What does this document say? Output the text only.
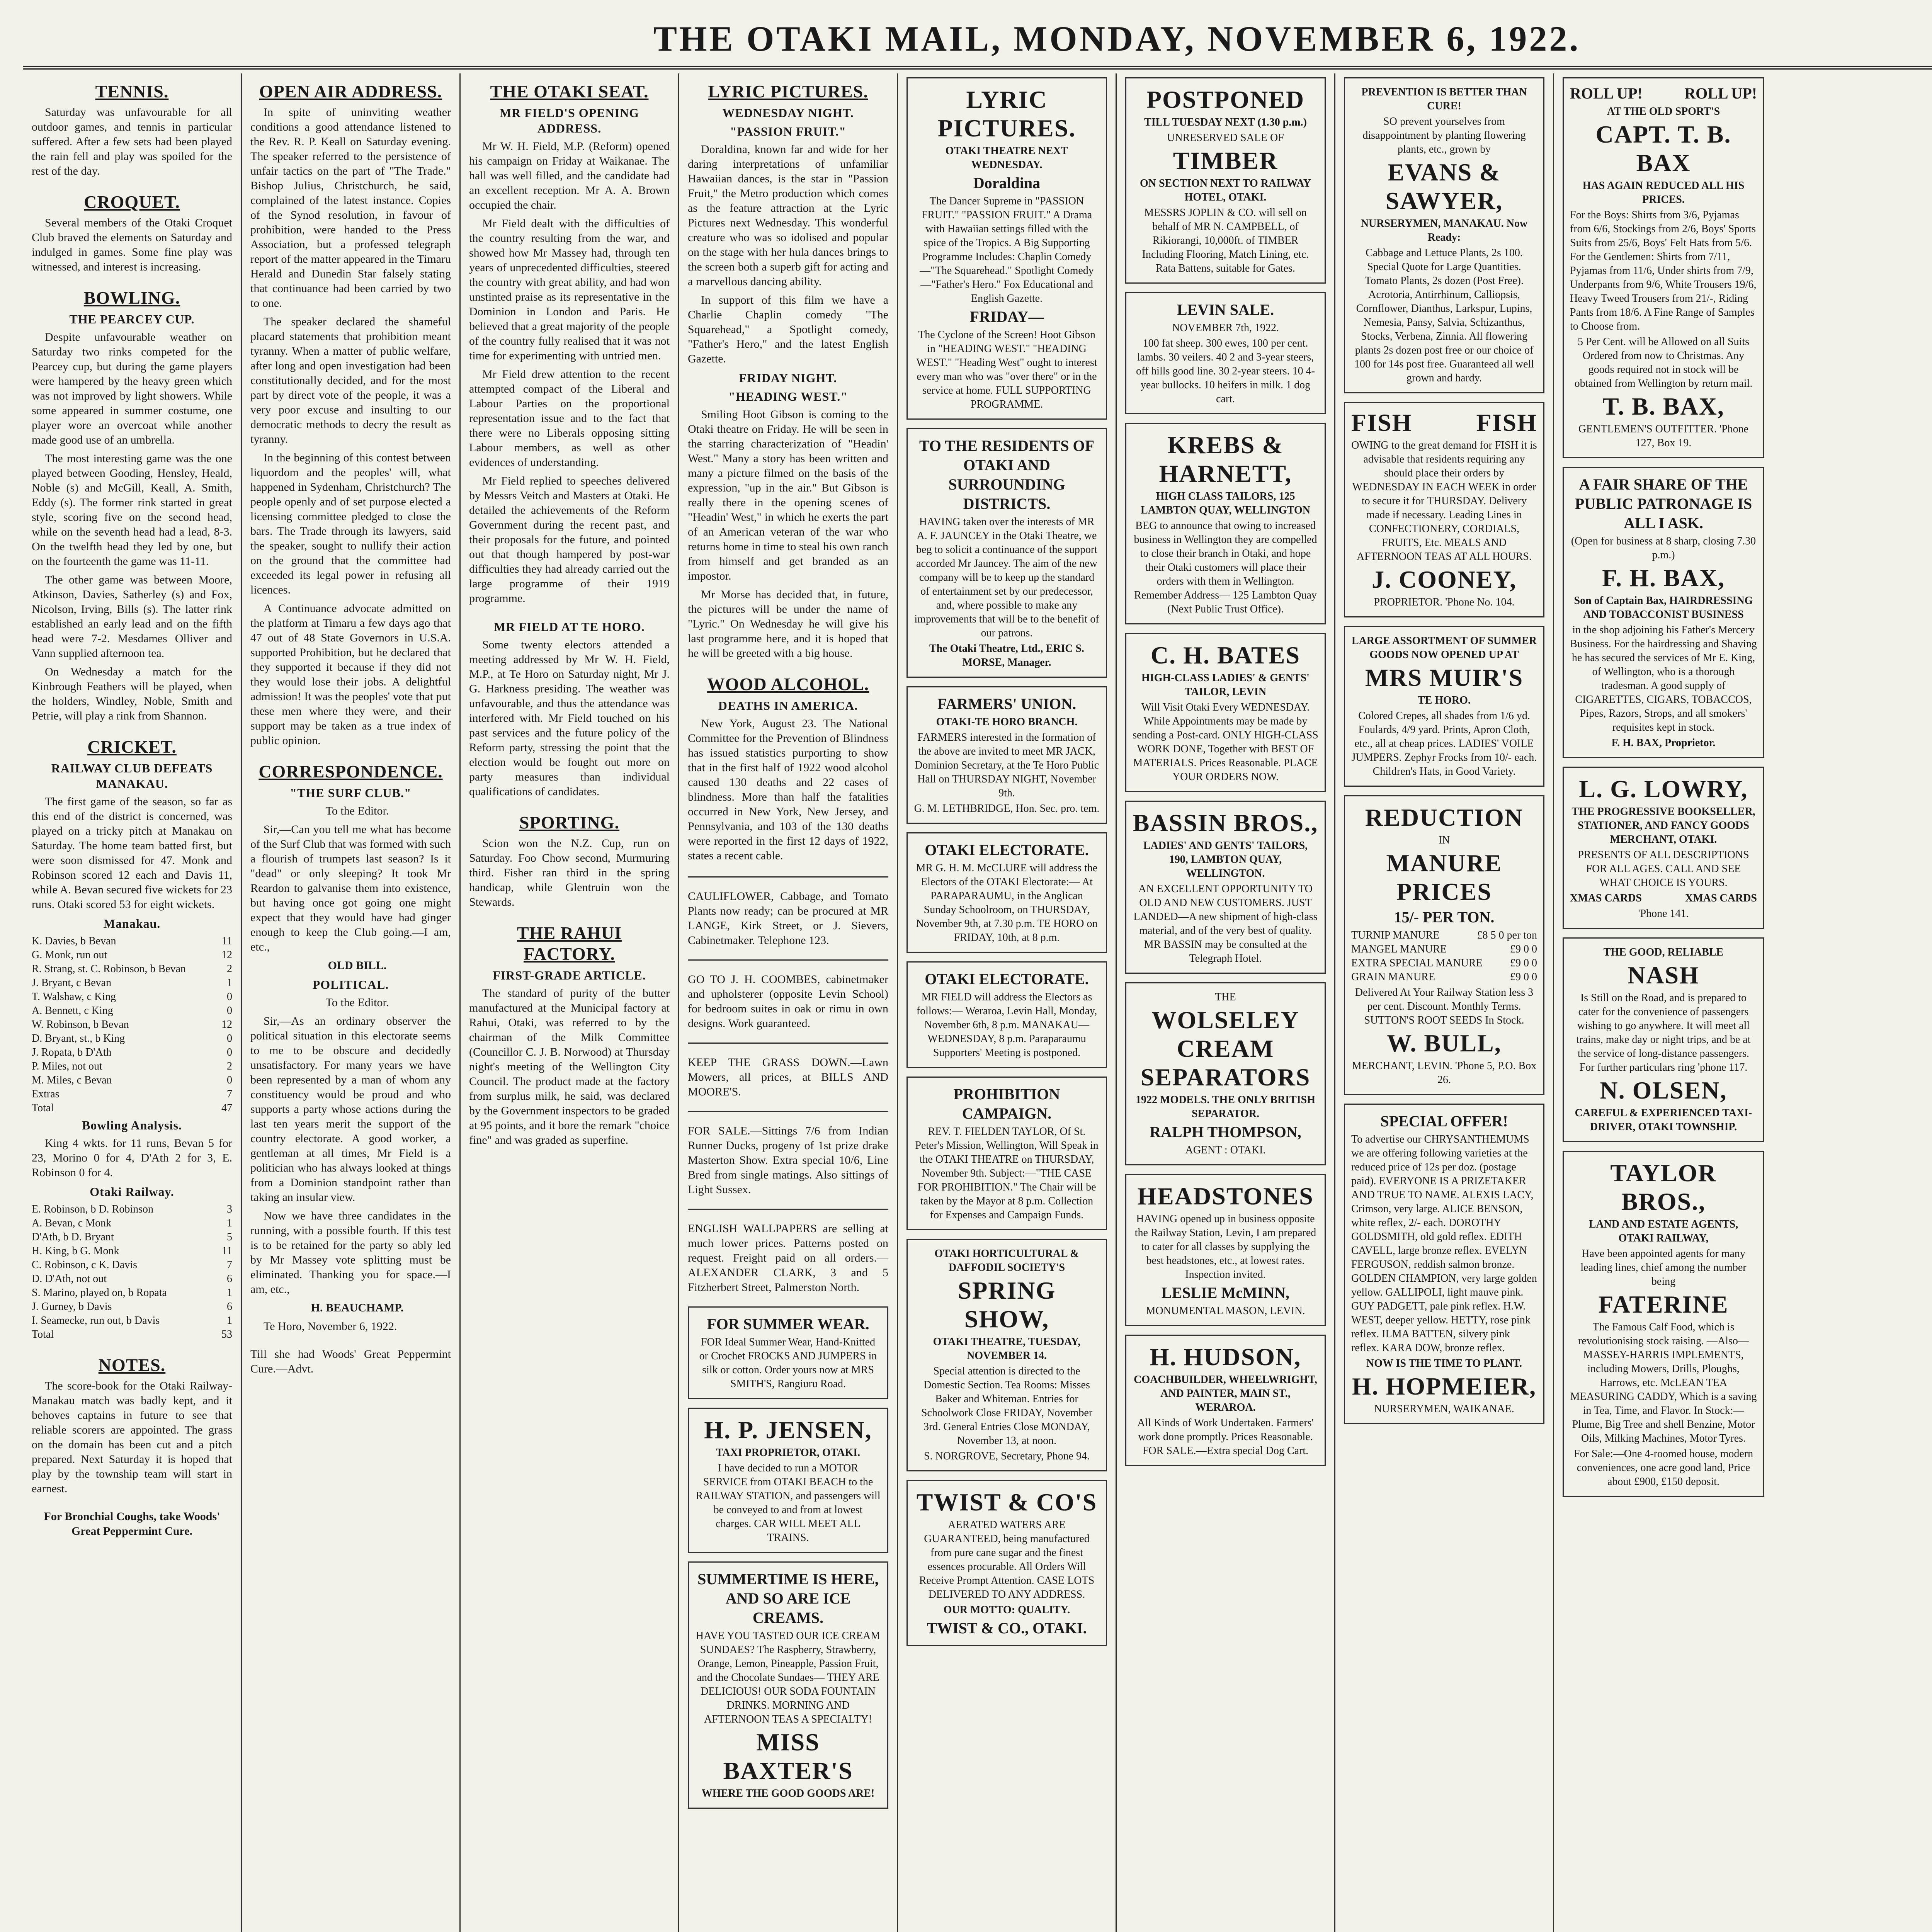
THE OTAKI MAIL, MONDAY, NOVEMBER 6, 1922.
TENNIS.

Saturday was unfavourable for all outdoor games, and tennis in particular suffered. After a few sets had been played the rain fell and play was spoiled for the rest of the day.

CROQUET.

Several members of the Otaki Croquet Club braved the elements on Saturday and indulged in games. Some fine play was witnessed, and interest is increasing.

BOWLING.
THE PEARCEY CUP.

Despite unfavourable weather on Saturday two rinks competed for the Pearcey cup, but during the game players were hampered by the heavy green which was not improved by light showers. While some appeared in summer costume, one player wore an overcoat while another made good use of an umbrella.

The most interesting game was the one played between Gooding, Hensley, Heald, Noble (s) and McGill, Keall, A. Smith, Eddy (s). The former rink started in great style, scoring five on the second head, while on the seventh head had a lead, 8-3. On the twelfth head they led by one, but on the fourteenth the game was 11-11.

The other game was between Moore, Atkinson, Davies, Satherley (s) and Fox, Nicolson, Irving, Bills (s). The latter rink established an early lead and on the fifth head were 7-2. Mesdames Olliver and Vann supplied afternoon tea.

On Wednesday a match for the Kinbrough Feathers will be played, when the holders, Windley, Noble, Smith and Petrie, will play a rink from Shannon.

CRICKET.
RAILWAY CLUB DEFEATS MANAKAU.

The first game of the season, so far as this end of the district is concerned, was played on a tricky pitch at Manakau on Saturday. The home team batted first, but were soon dismissed for 47. Monk and Robinson scored 12 each and Davis 11, while A. Bevan secured five wickets for 23 runs. Otaki scored 53 for eight wickets.

Manakau.
K. Davies, b Bevan	11
G. Monk, run out	12
R. Strang, st. C. Robinson, b Bevan	2
J. Bryant, c Bevan	1
T. Walshaw, c King	0
A. Bennett, c King	0
W. Robinson, b Bevan	12
D. Bryant, st., b King	0
J. Ropata, b D'Ath	0
P. Miles, not out	2
M. Miles, c Bevan	0
Extras	7
Total	47
Bowling Analysis.

King 4 wkts. for 11 runs, Bevan 5 for 23, Morino 0 for 4, D'Ath 2 for 3, E. Robinson 0 for 4.

Otaki Railway.
E. Robinson, b D. Robinson	3
A. Bevan, c Monk	1
D'Ath, b D. Bryant	5
H. King, b G. Monk	11
C. Robinson, c K. Davis	7
D. D'Ath, not out	6
S. Marino, played on, b Ropata	1
J. Gurney, b Davis	6
I. Seamecke, run out, b Davis	1
Total	53
NOTES.

The score-book for the Otaki Railway-Manakau match was badly kept, and it behoves captains in future to see that reliable scorers are appointed. The grass on the domain has been cut and a pitch prepared. Next Saturday it is hoped that play by the township team will start in earnest.

For Bronchial Coughs, take Woods' Great Peppermint Cure.

OPEN AIR ADDRESS.

In spite of uninviting weather conditions a good attendance listened to the Rev. R. P. Keall on Saturday evening. The speaker referred to the persistence of unfair tactics on the part of "The Trade." Bishop Julius, Christchurch, he said, complained of the latest instance. Copies of the Synod resolution, in favour of prohibition, were handed to the Press Association, but a professed telegraph report of the matter appeared in the Timaru Herald and Dunedin Star falsely stating that continuance had been carried by two to one.

The speaker declared the shameful placard statements that prohibition meant tyranny. When a matter of public welfare, after long and open investigation had been constitutionally decided, and for the most part by direct vote of the people, it was a very poor excuse and insulting to our democratic methods to decry the result as tyranny.

In the beginning of this contest between liquordom and the peoples' will, what happened in Sydenham, Christchurch? The people openly and of set purpose elected a licensing committee pledged to close the bars. The Trade through its lawyers, said the speaker, sought to nullify their action on the ground that the committee had exceeded its legal power in refusing all licences.

A Continuance advocate admitted on the platform at Timaru a few days ago that 47 out of 48 State Governors in U.S.A. supported Prohibition, but he declared that they supported it because if they did not they would lose their jobs. A delightful admission! It was the peoples' vote that put these men where they were, and their support may be taken as a true index of public opinion.

CORRESPONDENCE.
"THE SURF CLUB."

To the Editor.

Sir,—Can you tell me what has become of the Surf Club that was formed with such a flourish of trumpets last season? Is it "dead" or only sleeping? It took Mr Reardon to galvanise them into existence, but having once got going one might expect that they would have had ginger enough to keep the Club going.—I am, etc.,

OLD BILL.

POLITICAL.

To the Editor.

Sir,—As an ordinary observer the political situation in this electorate seems to me to be obscure and decidedly unsatisfactory. For many years we have been represented by a man of whom any constituency would be proud and who supports a party whose actions during the last ten years merit the support of the country electorate. A good worker, a gentleman at all times, Mr Field is a politician who has always looked at things from a Dominion standpoint rather than taking an insular view.

Now we have three candidates in the running, with a possible fourth. If this test is to be retained for the party so ably led by Mr Massey vote splitting must be eliminated. Thanking you for space.—I am, etc.,

H. BEAUCHAMP.

Te Horo, November 6, 1922.

Till she had Woods' Great Peppermint Cure.—Advt.

THE OTAKI SEAT.
MR FIELD'S OPENING ADDRESS.

Mr W. H. Field, M.P. (Reform) opened his campaign on Friday at Waikanae. The hall was well filled, and the candidate had an excellent reception. Mr A. A. Brown occupied the chair.

Mr Field dealt with the difficulties of the country resulting from the war, and showed how Mr Massey had, through ten years of unprecedented difficulties, steered the country with great ability, and had won unstinted praise as its representative in the Dominion in London and Paris. He believed that a great majority of the people of the country fully realised that it was not time for experimenting with untried men.

Mr Field drew attention to the recent attempted compact of the Liberal and Labour Parties on the proportional representation issue and to the fact that there were no Liberals opposing sitting Labour members, as well as other evidences of understanding.

Mr Field replied to speeches delivered by Messrs Veitch and Masters at Otaki. He detailed the achievements of the Reform Government during the recent past, and their proposals for the future, and pointed out that though hampered by post-war difficulties they had already carried out the large programme of their 1919 programme.

MR FIELD AT TE HORO.

Some twenty electors attended a meeting addressed by Mr W. H. Field, M.P., at Te Horo on Saturday night, Mr J. G. Harkness presiding. The weather was unfavourable, and thus the attendance was interfered with. Mr Field touched on his past services and the future policy of the Reform party, stressing the point that the election would be fought out more on party measures than individual qualifications of candidates.

SPORTING.

Scion won the N.Z. Cup, run on Saturday. Foo Chow second, Murmuring third. Fisher ran third in the spring handicap, while Glentruin won the Stewards.

THE RAHUI FACTORY.
FIRST-GRADE ARTICLE.

The standard of purity of the butter manufactured at the Municipal factory at Rahui, Otaki, was referred to by the chairman of the Milk Committee (Councillor C. J. B. Norwood) at Thursday night's meeting of the Wellington City Council. The product made at the factory from surplus milk, he said, was declared by the Government inspectors to be graded at 95 points, and it bore the remark "choice fine" and was graded as superfine.

LYRIC PICTURES.
WEDNESDAY NIGHT.
"PASSION FRUIT."

Doraldina, known far and wide for her daring interpretations of unfamiliar Hawaiian dances, is the star in "Passion Fruit," the Metro production which comes as the feature attraction at the Lyric Pictures next Wednesday. This wonderful creature who was so idolised and popular on the stage with her hula dances brings to the screen both a superb gift for acting and a marvellous dancing ability.

In support of this film we have a Charlie Chaplin comedy "The Squarehead," a Spotlight comedy, "Father's Hero," and the latest English Gazette.

FRIDAY NIGHT.
"HEADING WEST."

Smiling Hoot Gibson is coming to the Otaki theatre on Friday. He will be seen in the starring characterization of "Headin' West." Many a story has been written and many a picture filmed on the basis of the expression, "up in the air." But Gibson is really there in the opening scenes of "Headin' West," in which he exerts the part of an American veteran of the war who returns home in time to steal his own ranch from himself and get branded as an impostor.

Mr Morse has decided that, in future, the pictures will be under the name of "Lyric." On Wednesday he will give his last programme here, and it is hoped that he will be greeted with a big house.

WOOD ALCOHOL.
DEATHS IN AMERICA.

New York, August 23. The National Committee for the Prevention of Blindness has issued statistics purporting to show that in the first half of 1922 wood alcohol caused 130 deaths and 22 cases of blindness. More than half the fatalities occurred in New York, New Jersey, and Pennsylvania, and 103 of the 130 deaths were reported in the first 12 days of 1922, states a recent cable.

CAULIFLOWER, Cabbage, and Tomato Plants now ready; can be procured at MR LANGE, Kirk Street, or J. Sievers, Cabinetmaker. Telephone 123.

GO TO J. H. COOMBES, cabinetmaker and upholsterer (opposite Levin School) for bedroom suites in oak or rimu in own designs. Work guaranteed.

KEEP THE GRASS DOWN.—Lawn Mowers, all prices, at BILLS AND MOORE'S.

FOR SALE.—Sittings 7/6 from Indian Runner Ducks, progeny of 1st prize drake Masterton Show. Extra special 10/6, Line Bred from single matings. Also sittings of Light Sussex.

ENGLISH WALLPAPERS are selling at much lower prices. Patterns posted on request. Freight paid on all orders.—ALEXANDER CLARK, 3 and 5 Fitzherbert Street, Palmerston North.

FOR SUMMER WEAR.

FOR Ideal Summer Wear, Hand-Knitted or Crochet FROCKS AND JUMPERS in silk or cotton. Order yours now at MRS SMITH'S, Rangiuru Road.

H. P. JENSEN,

TAXI PROPRIETOR, OTAKI.

I have decided to run a MOTOR SERVICE from OTAKI BEACH to the RAILWAY STATION, and passengers will be conveyed to and from at lowest charges. CAR WILL MEET ALL TRAINS.

SUMMERTIME IS HERE, AND SO ARE ICE CREAMS.

HAVE YOU TASTED OUR ICE CREAM SUNDAES? The Raspberry, Strawberry, Orange, Lemon, Pineapple, Passion Fruit, and the Chocolate Sundaes— THEY ARE DELICIOUS! OUR SODA FOUNTAIN DRINKS. MORNING AND AFTERNOON TEAS A SPECIALTY!

MISS BAXTER'S

WHERE THE GOOD GOODS ARE!

LYRIC PICTURES.

OTAKI THEATRE NEXT WEDNESDAY.

Doraldina

The Dancer Supreme in "PASSION FRUIT." "PASSION FRUIT." A Drama with Hawaiian settings filled with the spice of the Tropics. A Big Supporting Programme Includes: Chaplin Comedy—"The Squarehead." Spotlight Comedy—"Father's Hero." Fox Educational and English Gazette.

FRIDAY—

The Cyclone of the Screen! Hoot Gibson in "HEADING WEST." "HEADING WEST." "Heading West" ought to interest every man who was "over there" or in the service at home. FULL SUPPORTING PROGRAMME.

TO THE RESIDENTS OF OTAKI AND SURROUNDING DISTRICTS.

HAVING taken over the interests of MR A. F. JAUNCEY in the Otaki Theatre, we beg to solicit a continuance of the support accorded Mr Jauncey. The aim of the new company will be to keep up the standard of entertainment set by our predecessor, and, where possible to make any improvements that will be to the benefit of our patrons.

The Otaki Theatre, Ltd., ERIC S. MORSE, Manager.

FARMERS' UNION.

OTAKI-TE HORO BRANCH.

FARMERS interested in the formation of the above are invited to meet MR JACK, Dominion Secretary, at the Te Horo Public Hall on THURSDAY NIGHT, November 9th.

G. M. LETHBRIDGE, Hon. Sec. pro. tem.

OTAKI ELECTORATE.

MR G. H. M. McCLURE will address the Electors of the OTAKI Electorate:— At PARAPARAUMU, in the Anglican Sunday Schoolroom, on THURSDAY, November 9th, at 7.30 p.m. TE HORO on FRIDAY, 10th, at 8 p.m.

OTAKI ELECTORATE.

MR FIELD will address the Electors as follows:— Weraroa, Levin Hall, Monday, November 6th, 8 p.m. MANAKAU—WEDNESDAY, 8 p.m. Paraparaumu Supporters' Meeting is postponed.

PROHIBITION CAMPAIGN.

REV. T. FIELDEN TAYLOR, Of St. Peter's Mission, Wellington, Will Speak in the OTAKI THEATRE on THURSDAY, November 9th. Subject:—"THE CASE FOR PROHIBITION." The Chair will be taken by the Mayor at 8 p.m. Collection for Expenses and Campaign Funds.

OTAKI HORTICULTURAL & DAFFODIL SOCIETY'S

SPRING SHOW,

OTAKI THEATRE, TUESDAY, NOVEMBER 14.

Special attention is directed to the Domestic Section. Tea Rooms: Misses Baker and Whiteman. Entries for Schoolwork Close FRIDAY, November 3rd. General Entries Close MONDAY, November 13, at noon.

S. NORGROVE, Secretary, Phone 94.

TWIST & CO'S

AERATED WATERS ARE GUARANTEED, being manufactured from pure cane sugar and the finest essences procurable. All Orders Will Receive Prompt Attention. CASE LOTS DELIVERED TO ANY ADDRESS.

OUR MOTTO: QUALITY.

TWIST & CO., OTAKI.

POSTPONED

TILL TUESDAY NEXT (1.30 p.m.)

UNRESERVED SALE OF

TIMBER

ON SECTION NEXT TO RAILWAY HOTEL, OTAKI.

MESSRS JOPLIN & CO. will sell on behalf of MR N. CAMPBELL, of Rikiorangi, 10,000ft. of TIMBER Including Flooring, Match Lining, etc. Rata Battens, suitable for Gates.

LEVIN SALE.

NOVEMBER 7th, 1922.

100 fat sheep. 300 ewes, 100 per cent. lambs. 30 veilers. 40 2 and 3-year steers, off hills good line. 30 2-year steers. 10 4-year bullocks. 10 heifers in milk. 1 dog cart.

KREBS & HARNETT,

HIGH CLASS TAILORS, 125 LAMBTON QUAY, WELLINGTON

BEG to announce that owing to increased business in Wellington they are compelled to close their branch in Otaki, and hope their Otaki customers will place their orders with them in Wellington. Remember Address— 125 Lambton Quay (Next Public Trust Office).

C. H. BATES

HIGH-CLASS LADIES' & GENTS' TAILOR, LEVIN

Will Visit Otaki Every WEDNESDAY. While Appointments may be made by sending a Post-card. ONLY HIGH-CLASS WORK DONE, Together with BEST OF MATERIALS. Prices Reasonable. PLACE YOUR ORDERS NOW.

BASSIN BROS.,

LADIES' AND GENTS' TAILORS, 190, LAMBTON QUAY, WELLINGTON.

AN EXCELLENT OPPORTUNITY TO OLD AND NEW CUSTOMERS. JUST LANDED—A new shipment of high-class material, and of the very best of quality. MR BASSIN may be consulted at the Telegraph Hotel.

THE

WOLSELEY CREAM SEPARATORS

1922 MODELS. THE ONLY BRITISH SEPARATOR.

RALPH THOMPSON,

AGENT : OTAKI.

HEADSTONES

HAVING opened up in business opposite the Railway Station, Levin, I am prepared to cater for all classes by supplying the best headstones, etc., at lowest rates. Inspection invited.

LESLIE McMINN,

MONUMENTAL MASON, LEVIN.

H. HUDSON,

COACHBUILDER, WHEELWRIGHT, AND PAINTER, MAIN ST., WERAROA.

All Kinds of Work Undertaken. Farmers' work done promptly. Prices Reasonable. FOR SALE.—Extra special Dog Cart.

PREVENTION IS BETTER THAN CURE!

SO prevent yourselves from disappointment by planting flowering plants, etc., grown by

EVANS & SAWYER,

NURSERYMEN, MANAKAU. Now Ready:

Cabbage and Lettuce Plants, 2s 100. Special Quote for Large Quantities. Tomato Plants, 2s dozen (Post Free). Acrotoria, Antirrhinum, Calliopsis, Cornflower, Dianthus, Larkspur, Lupins, Nemesia, Pansy, Salvia, Schizanthus, Stocks, Verbena, Zinnia. All flowering plants 2s dozen post free or our choice of 100 for 14s post free. Guaranteed all well grown and hardy.

FISH	FISH

OWING to the great demand for FISH it is advisable that residents requiring any should place their orders by WEDNESDAY IN EACH WEEK in order to secure it for THURSDAY. Delivery made if necessary. Leading Lines in CONFECTIONERY, CORDIALS, FRUITS, Etc. MEALS AND AFTERNOON TEAS AT ALL HOURS.

J. COONEY,

PROPRIETOR. 'Phone No. 104.

LARGE ASSORTMENT OF SUMMER GOODS NOW OPENED UP AT

MRS MUIR'S

TE HORO.

Colored Crepes, all shades from 1/6 yd. Foulards, 4/9 yard. Prints, Apron Cloth, etc., all at cheap prices. LADIES' VOILE JUMPERS. Zephyr Frocks from 10/- each. Children's Hats, in Good Variety.

REDUCTION

IN

MANURE PRICES

15/- PER TON.

TURNIP MANURE	£8 5 0 per ton
MANGEL MANURE	£9 0 0
EXTRA SPECIAL MANURE	£9 0 0
GRAIN MANURE	£9 0 0

Delivered At Your Railway Station less 3 per cent. Discount. Monthly Terms. SUTTON'S ROOT SEEDS In Stock.

W. BULL,

MERCHANT, LEVIN. 'Phone 5, P.O. Box 26.

SPECIAL OFFER!

To advertise our CHRYSANTHEMUMS we are offering following varieties at the reduced price of 12s per doz. (postage paid). EVERYONE IS A PRIZETAKER AND TRUE TO NAME. ALEXIS LACY, Crimson, very large. ALICE BENSON, white reflex, 2/- each. DOROTHY GOLDSMITH, old gold reflex. EDITH CAVELL, large bronze reflex. EVELYN FERGUSON, reddish salmon bronze. GOLDEN CHAMPION, very large golden yellow. GALLIPOLI, light mauve pink. GUY PADGETT, pale pink reflex. H.W. WEST, deeper yellow. HETTY, rose pink reflex. ILMA BATTEN, silvery pink reflex. KARA DOW, bronze reflex.

NOW IS THE TIME TO PLANT.

H. HOPMEIER,

NURSERYMEN, WAIKANAE.

ROLL UP!	ROLL UP!

AT THE OLD SPORT'S

CAPT. T. B. BAX

HAS AGAIN REDUCED ALL HIS PRICES.

For the Boys: Shirts from 3/6, Pyjamas from 6/6, Stockings from 2/6, Boys' Sports Suits from 25/6, Boys' Felt Hats from 5/6. For the Gentlemen: Shirts from 7/11, Pyjamas from 11/6, Under shirts from 7/9, Underpants from 9/6, White Trousers 19/6, Heavy Tweed Trousers from 21/-, Riding Pants from 18/6. A Fine Range of Samples to Choose from.

5 Per Cent. will be Allowed on all Suits Ordered from now to Christmas. Any goods required not in stock will be obtained from Wellington by return mail.

T. B. BAX,

GENTLEMEN'S OUTFITTER. 'Phone 127, Box 19.

A FAIR SHARE OF THE PUBLIC PATRONAGE IS ALL I ASK.

(Open for business at 8 sharp, closing 7.30 p.m.)

F. H. BAX,

Son of Captain Bax, HAIRDRESSING AND TOBACCONIST BUSINESS

in the shop adjoining his Father's Mercery Business. For the hairdressing and Shaving he has secured the services of Mr E. King, of Wellington, who is a thorough tradesman. A good supply of CIGARETTES, CIGARS, TOBACCOS, Pipes, Razors, Strops, and all smokers' requisites kept in stock.

F. H. BAX, Proprietor.

L. G. LOWRY,

THE PROGRESSIVE BOOKSELLER, STATIONER, AND FANCY GOODS MERCHANT, OTAKI.

PRESENTS OF ALL DESCRIPTIONS FOR ALL AGES. CALL AND SEE WHAT CHOICE IS YOURS.

XMAS CARDS	XMAS CARDS

'Phone 141.

THE GOOD, RELIABLE

NASH

Is Still on the Road, and is prepared to cater for the convenience of passengers wishing to go anywhere. It will meet all trains, make day or night trips, and be at the service of long-distance passengers. For further particulars ring 'phone 117.

N. OLSEN,

CAREFUL & EXPERIENCED TAXI-DRIVER, OTAKI TOWNSHIP.

TAYLOR BROS.,

LAND AND ESTATE AGENTS, OTAKI RAILWAY,

Have been appointed agents for many leading lines, chief among the number being

FATERINE

The Famous Calf Food, which is revolutionising stock raising. —Also— MASSEY-HARRIS IMPLEMENTS, including Mowers, Drills, Ploughs, Harrows, etc. McLEAN TEA MEASURING CADDY, Which is a saving in Tea, Time, and Flavor. In Stock:—Plume, Big Tree and shell Benzine, Motor Oils, Milking Machines, Motor Tyres.

For Sale:—One 4-roomed house, modern conveniences, one acre good land, Price about £900, £150 deposit.
